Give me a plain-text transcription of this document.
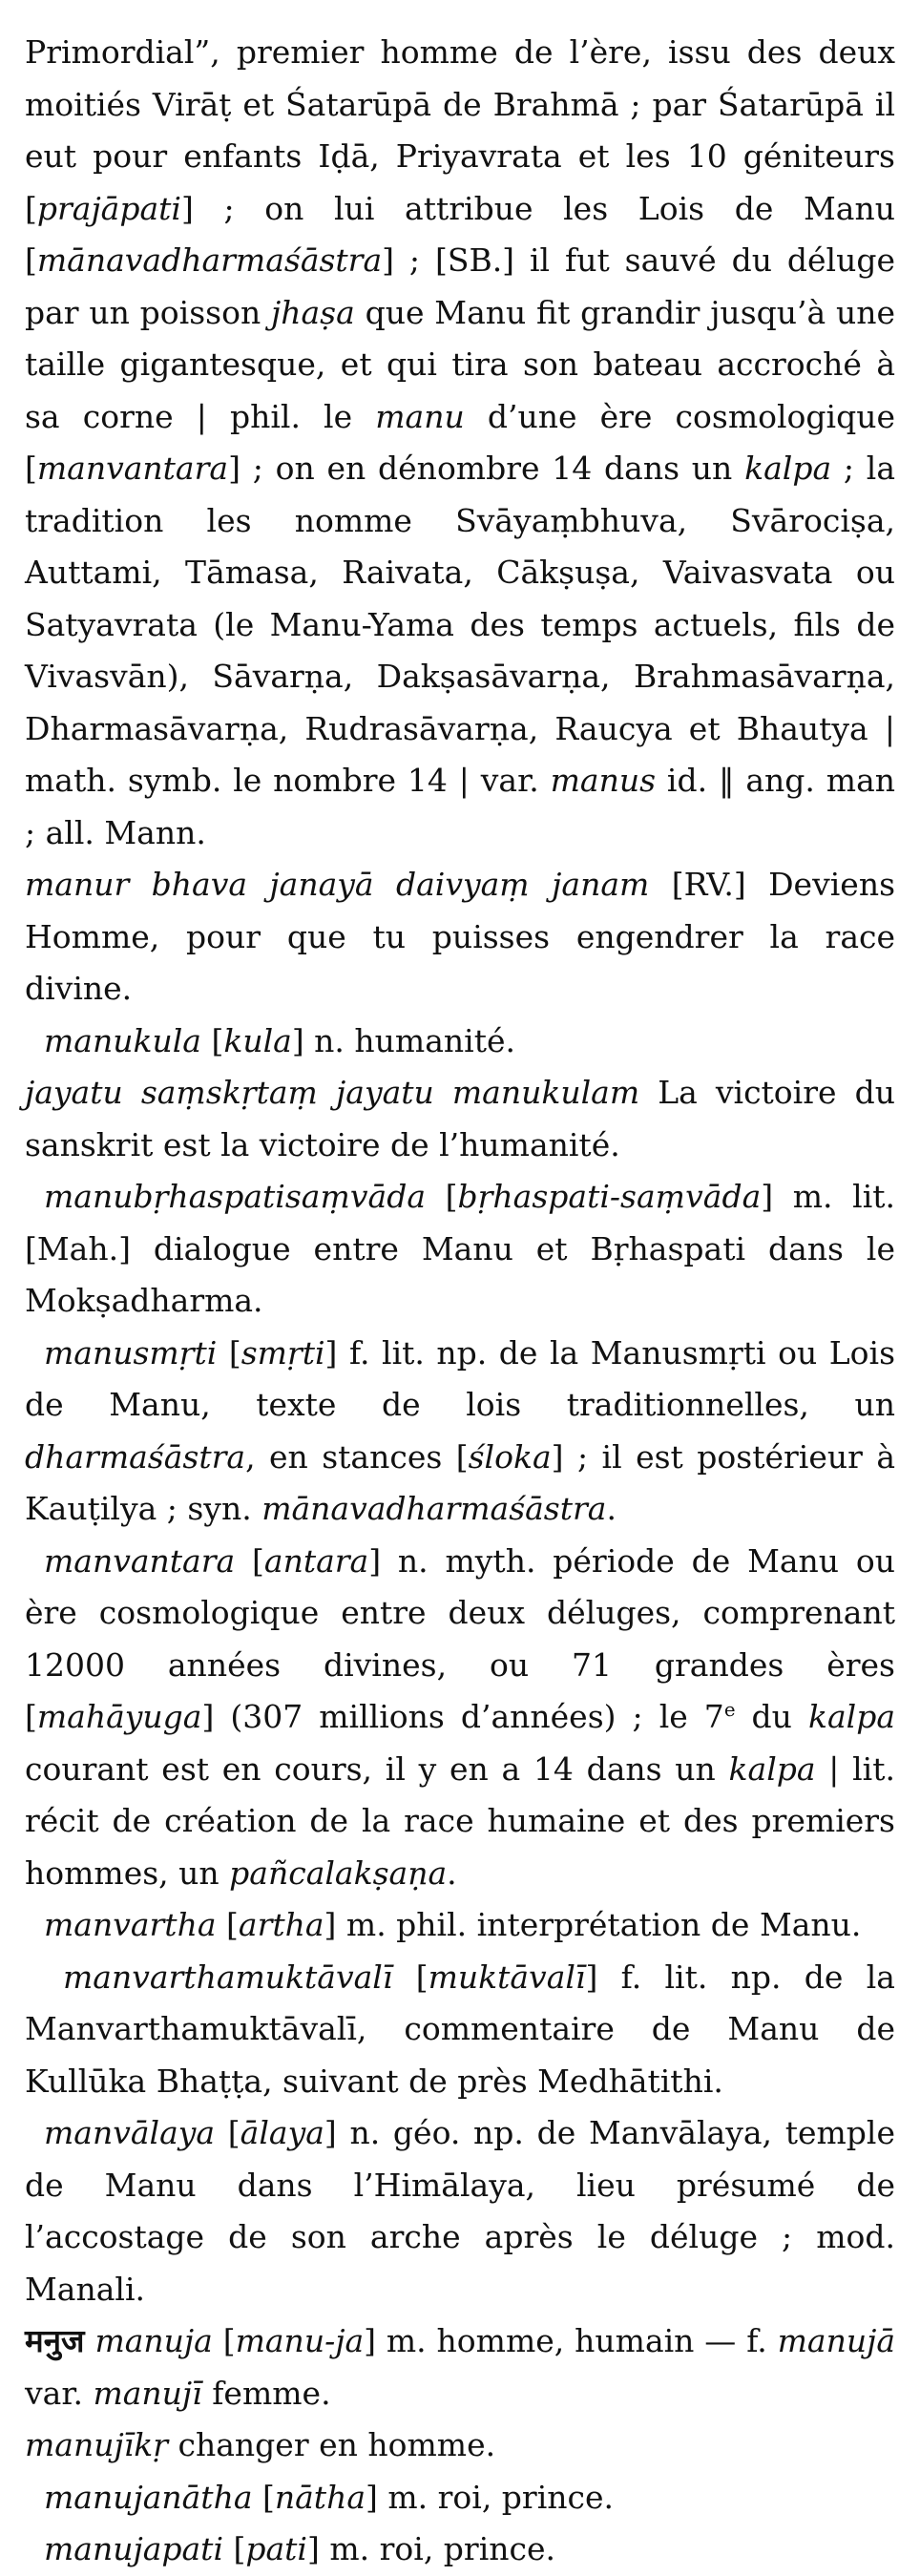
Primordial”, premier homme de l’ère, issu des deux moitiés Virāṭ et Śatarūpā de Brahmā ; par Śatarūpā il eut pour enfants Iḍā, Priyavrata et les 10 géniteurs [prajāpati] ; on lui attribue les Lois de Manu [mānavadharmaśāstra] ; [SB.] il fut sauvé du déluge par un poisson jhaṣa que Manu fit grandir jusqu’à une taille gigantesque, et qui tira son bateau accroché à sa corne | phil. le manu d’une ère cosmologique [manvantara] ; on en dénombre 14 dans un kalpa ; la tradition les nomme Svāyaṃbhuva, Svārociṣa, Auttami, Tāmasa, Raivata, Cākṣuṣa, Vaivasvata ou Satyavrata (le Manu-Yama des temps actuels, fils de Vivasvān), Sāvarṇa, Dakṣasāvarṇa, Brahmasāvarṇa, Dharmasāvarṇa, Rudrasāvarṇa, Raucya et Bhautya | math. symb. le nombre 14 | var. manus id. ‖ ang. man ; all. Mann.

manur bhava janayā daivyaṃ janam [RV.] Deviens Homme, pour que tu puisses engendrer la race divine.

manukula [kula] n. humanité.

jayatu saṃskṛtaṃ jayatu manukulam La victoire du sanskrit est la victoire de l’humanité.

manubṛhaspatisaṃvāda [bṛhaspati-saṃvāda] m. lit. [Mah.] dialogue entre Manu et Bṛhaspati dans le Mokṣadharma.

manusmṛti [smṛti] f. lit. np. de la Manusmṛti ou Lois de Manu, texte de lois traditionnelles, un dharmaśāstra, en stances [śloka] ; il est postérieur à Kauṭilya ; syn. mānavadharmaśāstra.

manvantara [antara] n. myth. période de Manu ou ère cosmologique entre deux déluges, comprenant 12000 années divines, ou 71 grandes ères [mahāyuga] (307 millions d’années) ; le 7e du kalpa courant est en cours, il y en a 14 dans un kalpa | lit. récit de création de la race humaine et des premiers hommes, un pañcalakṣaṇa.

manvartha [artha] m. phil. interprétation de Manu.

manvarthamuktāvalī [muktāvalī] f. lit. np. de la Manvarthamuktāvalī, commentaire de Manu de Kullūka Bhaṭṭa, suivant de près Medhātithi.

manvālaya [ālaya] n. géo. np. de Manvālaya, temple de Manu dans l’Himālaya, lieu présumé de l’accostage de son arche après le déluge ; mod. Manali.

मनुज manuja [manu-ja] m. homme, humain — f. manujā var. manujī femme.

manujīkṛ changer en homme.

manujanātha [nātha] m. roi, prince.

manujapati [pati] m. roi, prince.
